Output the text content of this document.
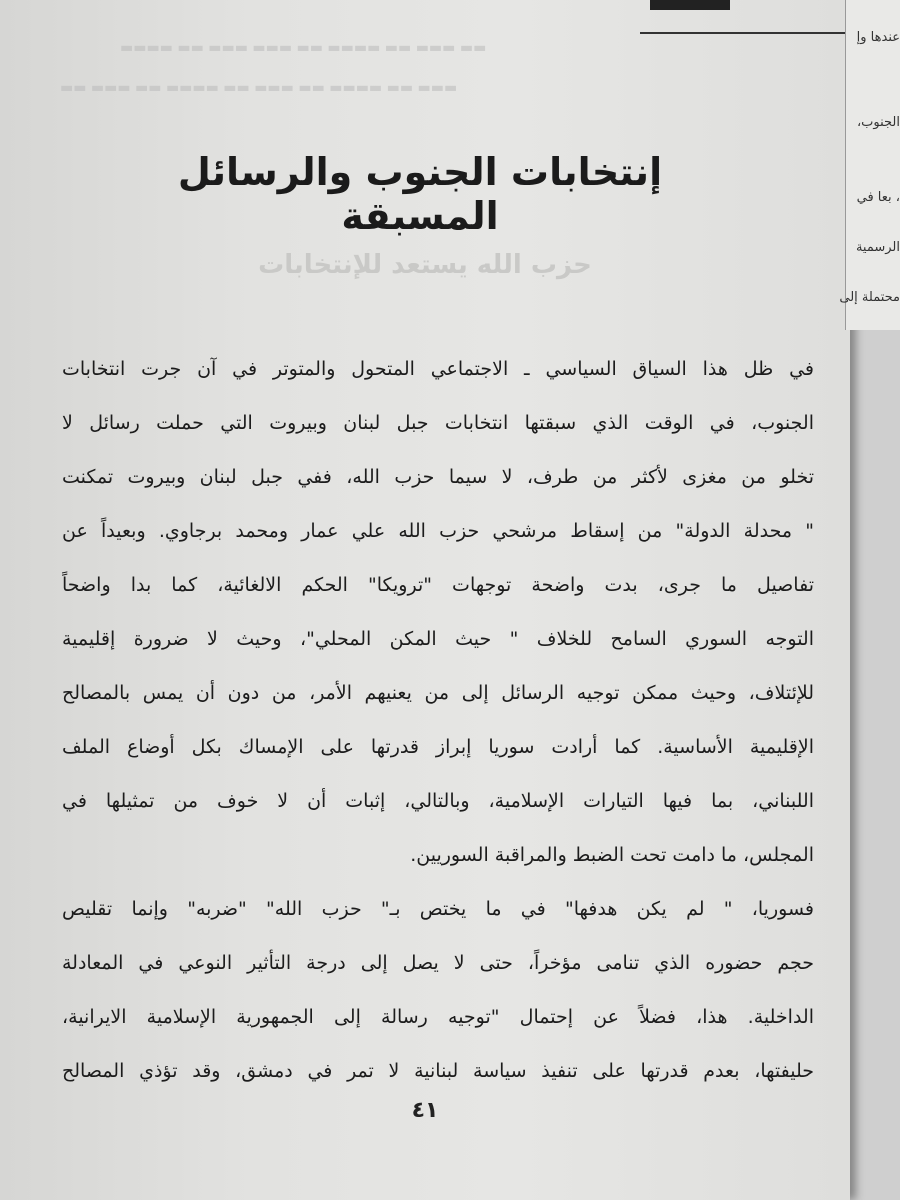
▬▬ ▬▬▬ ▬▬ ▬▬▬▬ ▬▬ ▬▬▬ ▬▬▬ ▬▬ ▬▬▬▬
▬▬▬ ▬▬ ▬▬▬▬ ▬▬ ▬▬▬ ▬▬ ▬▬▬▬ ▬▬ ▬▬▬ ▬▬
إنتخابات الجنوب والرسائل المسبقة
حزب الله يستعد للإنتخابات
في ظل هذا السياق السياسي ـ الاجتماعي المتحول والمتوتر في آن جرت انتخابات
الجنوب، في الوقت الذي سبقتها انتخابات جبل لبنان وبيروت التي حملت رسائل لا
تخلو من مغزى لأكثر من طرف، لا سيما حزب الله، ففي جبل لبنان وبيروت تمكنت
" محدلة الدولة" من إسقاط مرشحي حزب الله علي عمار ومحمد برجاوي. وبعيداً عن
تفاصيل ما جرى، بدت واضحة توجهات "ترويكا" الحكم الالغائية، كما بدا واضحاً
التوجه السوري السامح للخلاف " حيث المكن المحلي"، وحيث لا ضرورة إقليمية
للإئتلاف، وحيث ممكن توجيه الرسائل إلى من يعنيهم الأمر، من دون أن يمس بالمصالح
الإقليمية الأساسية. كما أرادت سوريا إبراز قدرتها على الإمساك بكل أوضاع الملف
اللبناني، بما فيها التيارات الإسلامية، وبالتالي، إثبات أن لا خوف من تمثيلها في
المجلس، ما دامت تحت الضبط والمراقبة السوريين.
فسوريا، " لم يكن هدفها" في ما يختص بـ" حزب الله" "ضربه" وإنما تقليص
حجم حضوره الذي تنامى مؤخراً، حتى لا يصل إلى درجة التأثير النوعي في المعادلة
الداخلية. هذا، فضلاً عن إحتمال "توجيه رسالة إلى الجمهورية الإسلامية الايرانية،
حليفتها، بعدم قدرتها على تنفيذ سياسة لبنانية لا تمر في دمشق، وقد تؤذي المصالح
٤١
عندها وإ
الجنوب،
، بعا في
الرسمية
محتملة إلى
